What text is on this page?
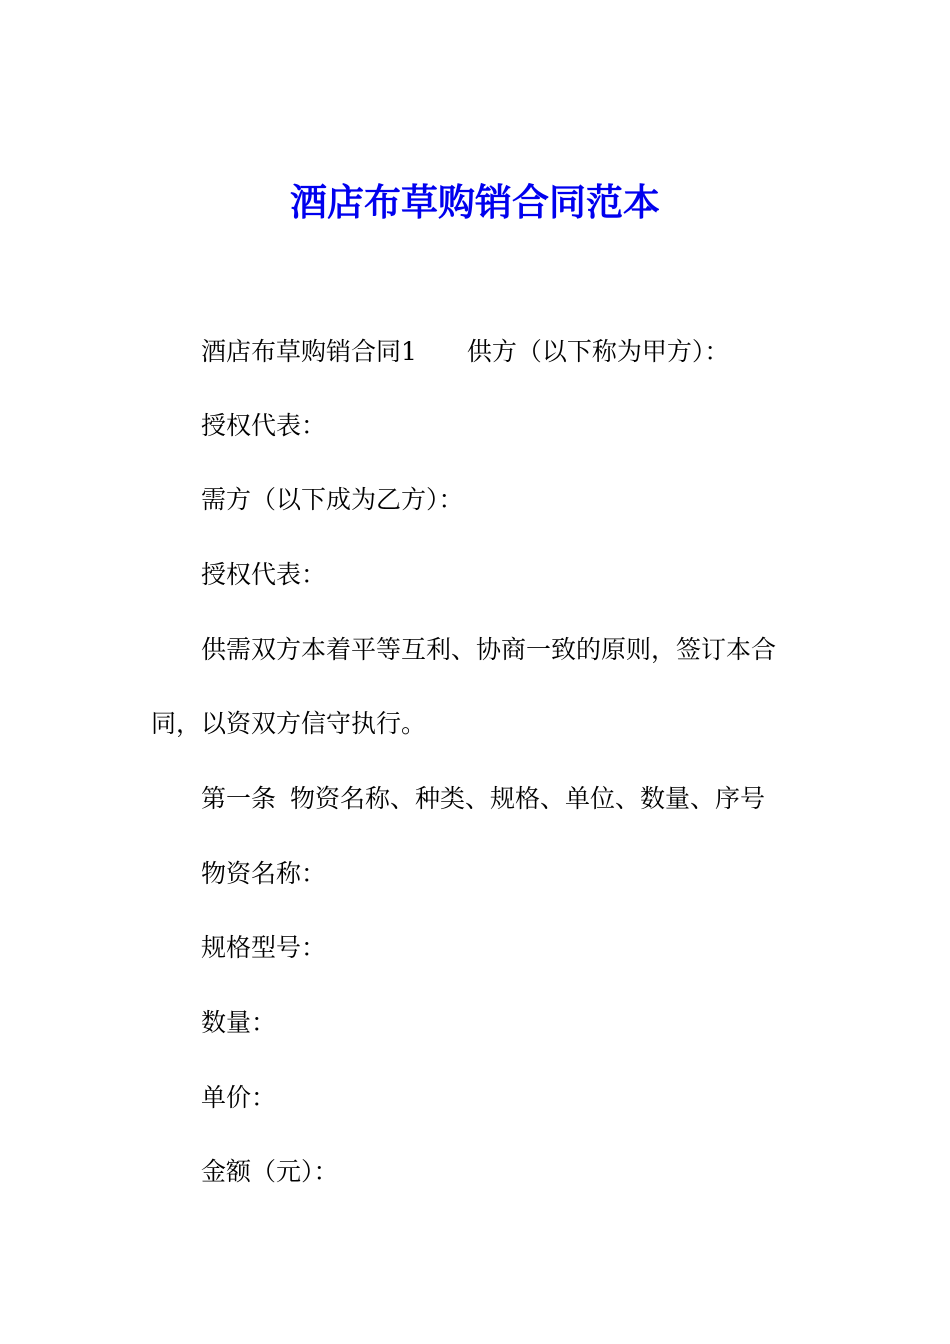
酒店布草购销合同范本
酒店布草购销合同1 供方（以下称为甲方）：
授权代表：
需方（以下成为乙方）：
授权代表：
供需双方本着平等互利、协商一致的原则，签订本合
同，以资双方信守执行。
第一条 物资名称、种类、规格、单位、数量、序号
物资名称：
规格型号：
数量：
单价：
金额（元）：
